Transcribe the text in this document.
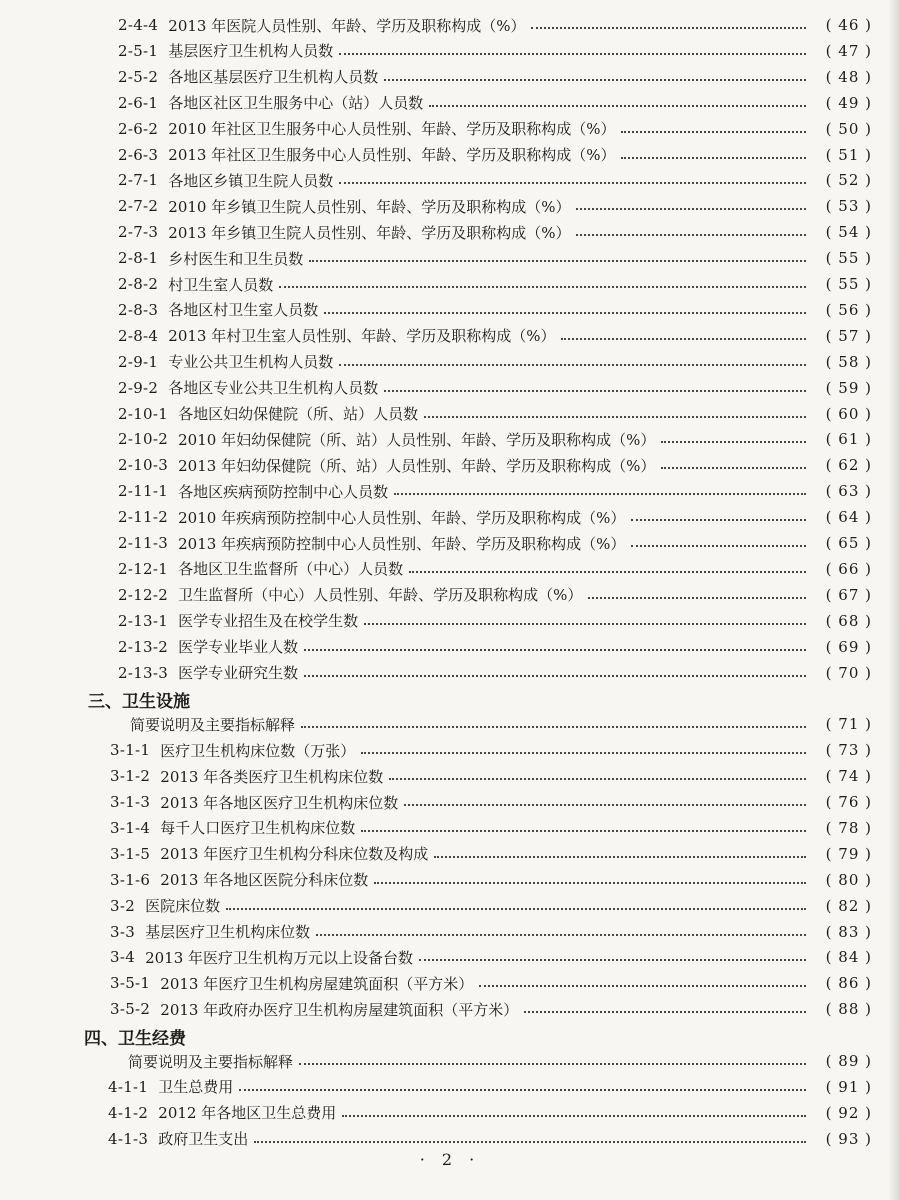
2-4-4 2013 年医院人员性别、年龄、学历及职称构成（%）	( 46 )
2-5-1 基层医疗卫生机构人员数	( 47 )
2-5-2 各地区基层医疗卫生机构人员数	( 48 )
2-6-1 各地区社区卫生服务中心（站）人员数	( 49 )
2-6-2 2010 年社区卫生服务中心人员性别、年龄、学历及职称构成（%）	( 50 )
2-6-3 2013 年社区卫生服务中心人员性别、年龄、学历及职称构成（%）	( 51 )
2-7-1 各地区乡镇卫生院人员数	( 52 )
2-7-2 2010 年乡镇卫生院人员性别、年龄、学历及职称构成（%）	( 53 )
2-7-3 2013 年乡镇卫生院人员性别、年龄、学历及职称构成（%）	( 54 )
2-8-1 乡村医生和卫生员数	( 55 )
2-8-2 村卫生室人员数	( 55 )
2-8-3 各地区村卫生室人员数	( 56 )
2-8-4 2013 年村卫生室人员性别、年龄、学历及职称构成（%）	( 57 )
2-9-1 专业公共卫生机构人员数	( 58 )
2-9-2 各地区专业公共卫生机构人员数	( 59 )
2-10-1 各地区妇幼保健院（所、站）人员数	( 60 )
2-10-2 2010 年妇幼保健院（所、站）人员性别、年龄、学历及职称构成（%）	( 61 )
2-10-3 2013 年妇幼保健院（所、站）人员性别、年龄、学历及职称构成（%）	( 62 )
2-11-1 各地区疾病预防控制中心人员数	( 63 )
2-11-2 2010 年疾病预防控制中心人员性别、年龄、学历及职称构成（%）	( 64 )
2-11-3 2013 年疾病预防控制中心人员性别、年龄、学历及职称构成（%）	( 65 )
2-12-1 各地区卫生监督所（中心）人员数	( 66 )
2-12-2 卫生监督所（中心）人员性别、年龄、学历及职称构成（%）	( 67 )
2-13-1 医学专业招生及在校学生数	( 68 )
2-13-2 医学专业毕业人数	( 69 )
2-13-3 医学专业研究生数	( 70 )
三、卫生设施
简要说明及主要指标解释	( 71 )
3-1-1 医疗卫生机构床位数（万张）	( 73 )
3-1-2 2013 年各类医疗卫生机构床位数	( 74 )
3-1-3 2013 年各地区医疗卫生机构床位数	( 76 )
3-1-4 每千人口医疗卫生机构床位数	( 78 )
3-1-5 2013 年医疗卫生机构分科床位数及构成	( 79 )
3-1-6 2013 年各地区医院分科床位数	( 80 )
3-2 医院床位数	( 82 )
3-3 基层医疗卫生机构床位数	( 83 )
3-4 2013 年医疗卫生机构万元以上设备台数	( 84 )
3-5-1 2013 年医疗卫生机构房屋建筑面积（平方米）	( 86 )
3-5-2 2013 年政府办医疗卫生机构房屋建筑面积（平方米）	( 88 )
四、卫生经费
简要说明及主要指标解释	( 89 )
4-1-1 卫生总费用	( 91 )
4-1-2 2012 年各地区卫生总费用	( 92 )
4-1-3 政府卫生支出	( 93 )
· 2 ·
